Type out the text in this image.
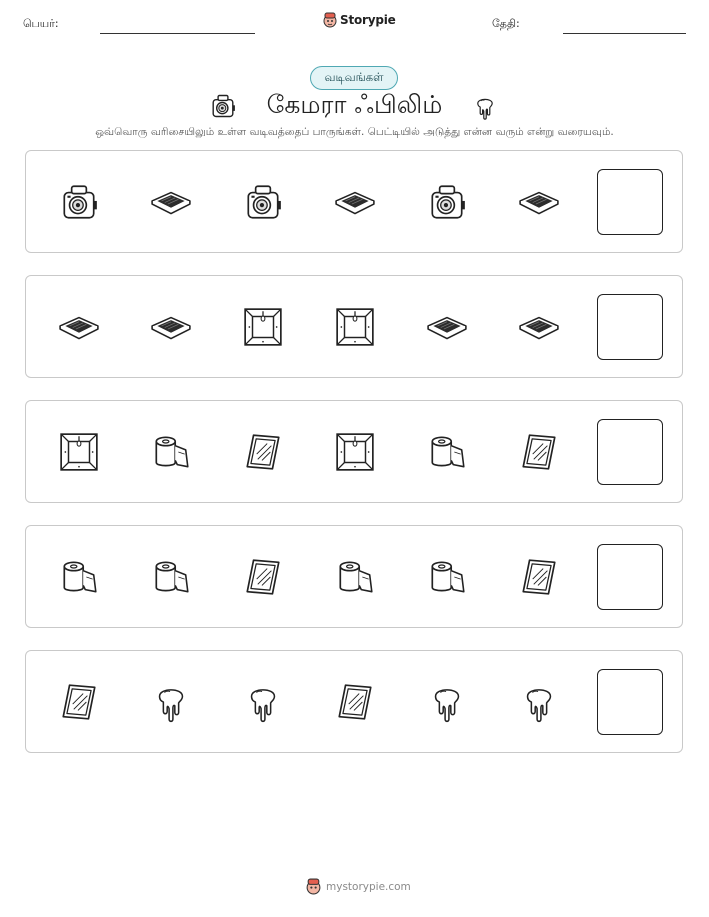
பெயர்:	Storypie	தேதி:
வடிவங்கள்
கேமரா ஃபிலிம்
ஒவ்வொரு வரிசையிலும் உள்ள வடிவத்தைப் பாருங்கள். பெட்டியில் அடுத்து என்ன வரும் என்று வரையவும்.
mystorypie.com
